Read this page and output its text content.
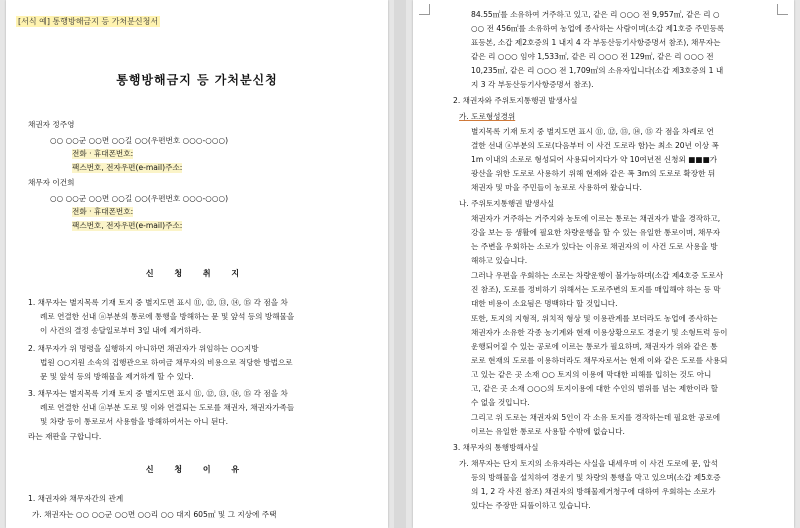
[서식 예] 통행방해금지 등 가처분신청서
통행방해금지 등 가처분신청
채권자 정주영
○○ ○○군 ○○면 ○○길 ○○(우편번호 ○○○-○○○)
전화 · 휴대폰번호:
팩스번호, 전자우편(e-mail)주소:
채무자 이건희
○○ ○○군 ○○면 ○○길 ○○(우편번호 ○○○-○○○)
전화 · 휴대폰번호:
팩스번호, 전자우편(e-mail)주소:
신 청 취 지
1. 채무자는 별지목록 기재 토지 중 별지도면 표시 ⑪, ⑫, ⑬, ⑭, ⑮ 각 점을 차
례로 연결한 선내 ⓐ부분의 통로에 통행을 방해하는 문 및 앞석 등의 방해물을
이 사건의 결정 송달일로부터 3일 내에 제거하라.
2. 채무자가 위 명령을 실행하지 아니하면 채권자가 위임하는 ○○지방
법원 ○○지원 소속의 집행관으로 하여금 채무자의 비용으로 적당한 방법으로
문 및 앞석 등의 방해물을 제거하게 할 수 있다.
3. 채무자는 별지목록 기재 토지 중 별지도면 표시 ⑪, ⑫, ⑬, ⑭, ⑮ 각 점을 차
례로 연결한 선내 ⓐ부분 도로 및 이와 연결되는 도로를 채권자, 채권자가족들
및 차량 등이 통로로서 사용함을 방해하여서는 아니 된다.
라는 재판을 구합니다.
신 청 이 유
1. 채권자와 채무자간의 관계
가. 채권자는 ○○ ○○군 ○○면 ○○리 ○○ 대지 605㎡ 및 그 지상에 주택
84.55㎡를 소유하여 거주하고 있고, 같은 리 ○○○ 전 9,957㎡, 같은 리 ○
○○ 전 456㎡를 소유하여 농업에 종사하는 사람이며(소갑 제1호증 주민등록
표등본, 소갑 제2호증의 1 내지 4 각 부동산등기사항증명서 참조), 채무자는
같은 리 ○○○ 임야 1,533㎡, 같은 리 ○○○ 전 129㎡, 같은 리 ○○○ 전
10,235㎡, 같은 리 ○○○ 전 1,709㎡의 소유자입니다(소갑 제3호증의 1 내
지 3 각 부동산등기사항증명서 참조).
2. 채권자와 주위토지통행권 발생사실
가. 도로형성경위
별지목록 기재 토지 중 별지도면 표시 ⑪, ⑫, ⑬, ⑭, ⑮ 각 점을 차례로 연
결한 선내 ⓐ부분의 도로(다음부터 이 사건 도로라 함)는 최소 20년 이상 폭
1m 이내의 소로로 형성되어 사용되어지다가 약 10여년전 신청외 ■■■가
광산을 위한 도로로 사용하기 위해 현재와 같은 폭 3m의 도로로 확장한 뒤
채권자 및 마을 주민들이 농로로 사용하여 왔습니다.
나. 주위토지통행권 발생사실
채권자가 거주하는 거주지와 농토에 이르는 통로는 채권자가 밭을 경작하고,
강을 보는 등 생활에 필요한 차량운행을 할 수 있는 유일한 통로이며, 채무자
는 주변을 우회하는 소로가 있다는 이유로 채권자의 이 사건 도로 사용을 방
해하고 있습니다.
그러나 우편을 우회하는 소로는 차량운행이 불가능하며(소갑 제4호증 도로사
진 참조), 도로를 정비하기 위해서는 도로주변의 토지를 매입해야 하는 등 막
대한 비용이 소요됨은 명백하다 할 것입니다.
또한, 토지의 지형적, 위치적 형상 및 이용관계를 보더라도 농업에 종사하는
채권자가 소유한 각종 농기계와 현재 이용상황으로도 경운기 및 소형트럭 등이
운행되어질 수 있는 공로에 이르는 통로가 필요하며, 채권자가 위와 같은 통
로로 현재의 도로를 이용하더라도 채무자로서는 현재 이와 같은 도로를 사용되
고 있는 같은 곳 소재 ○○ 토지의 이용에 막대한 피해를 입히는 것도 아니
고, 같은 곳 소재 ○○○의 토지이용에 대한 수인의 범위를 넘는 제한이라 할
수 없을 것입니다.
그리고 위 도로는 채권자외 5인이 각 소유 토지를 경작하는데 필요한 공로에
이르는 유일한 통로로 사용할 수밖에 없습니다.
3. 채무자의 통행방해사실
가. 채무자는 단지 토지의 소유자라는 사실을 내세우며 이 사건 도로에 문, 압석
등의 방해물을 설치하여 경운기 및 차량의 통행을 막고 있으며(소갑 제5호증
의 1, 2 각 사진 참조) 채권자의 방해물제거청구에 대하여 우회하는 소로가
있다는 주장만 되풀이하고 있습니다.
